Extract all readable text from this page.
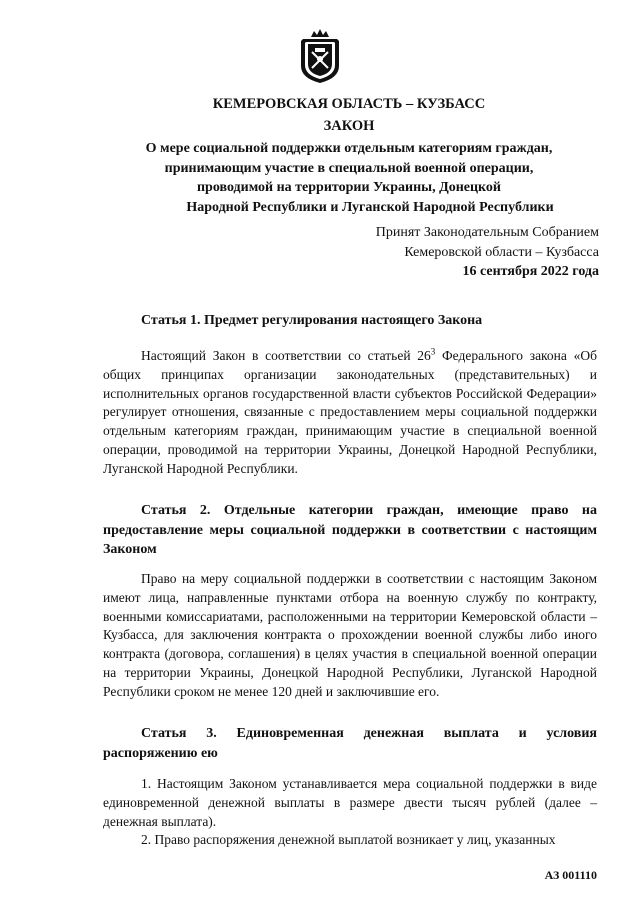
КЕМЕРОВСКАЯ ОБЛАСТЬ – КУЗБАСС
ЗАКОН
О мере социальной поддержки отдельным категориям граждан,
принимающим участие в специальной военной операции,
проводимой на территории Украины, Донецкой
Народной Республики и Луганской Народной Республики
Принят Законодательным Собранием
Кемеровской области – Кузбасса
16 сентября 2022 года
Статья 1. Предмет регулирования настоящего Закона
Настоящий Закон в соответствии со статьей $26^3$ Федерального закона «Об общих принципах организации законодательных (представительных) и исполнительных органов государственной власти субъектов Российской Федерации» регулирует отношения, связанные с предоставлением меры социальной поддержки отдельным категориям граждан, принимающим участие в специальной военной операции, проводимой на территории Украины, Донецкой Народной Республики, Луганской Народной Республики.
Статья 2. Отдельные категории граждан, имеющие право на предоставление меры социальной поддержки в соответствии с настоящим Законом
Право на меру социальной поддержки в соответствии с настоящим Законом имеют лица, направленные пунктами отбора на военную службу по контракту, военными комиссариатами, расположенными на территории Кемеровской области – Кузбасса, для заключения контракта о прохождении военной службы либо иного контракта (договора, соглашения) в целях участия в специальной военной операции на территории Украины, Донецкой Народной Республики, Луганской Народной Республики сроком не менее 120 дней и заключившие его.
Статья 3. Единовременная денежная выплата и условия распоряжению ею
1. Настоящим Законом устанавливается мера социальной поддержки в виде единовременной денежной выплаты в размере двести тысяч рублей (далее – денежная выплата).
2. Право распоряжения денежной выплатой возникает у лиц, указанных
АЗ 001110
